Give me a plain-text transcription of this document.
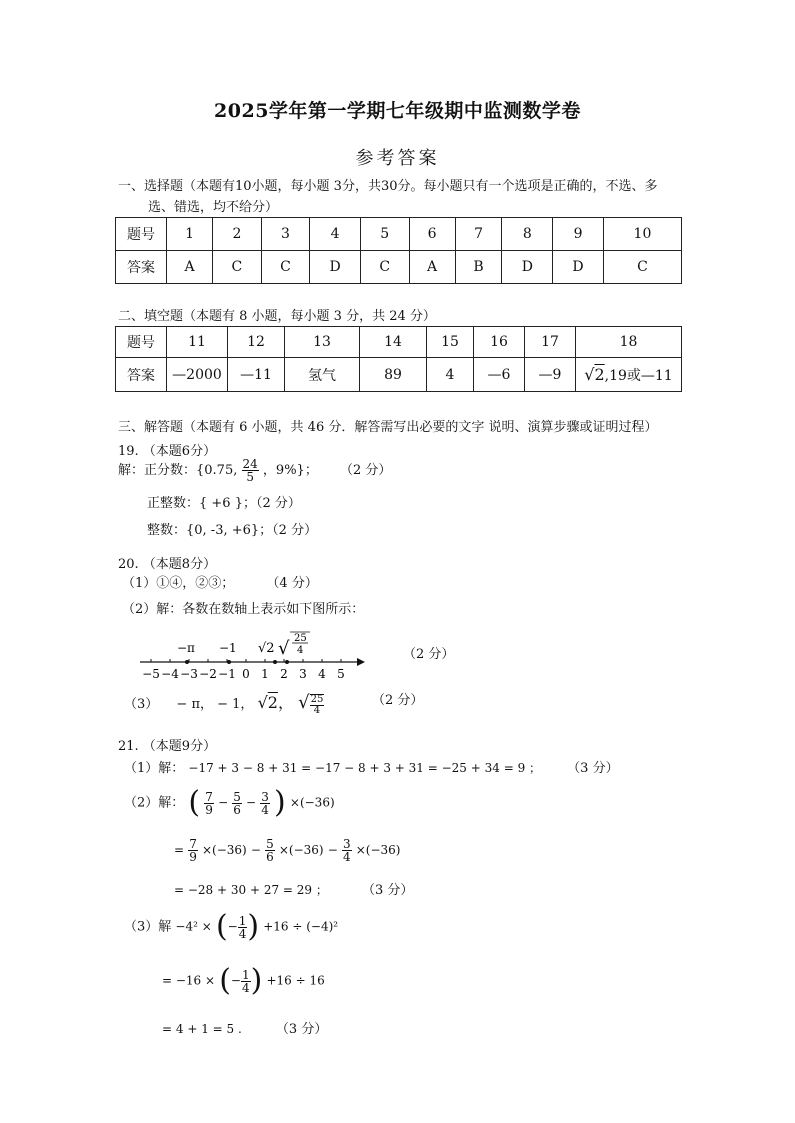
2025学年第一学期七年级期中监测数学卷
参考答案
一、选择题（本题有10小题，每小题 3分，共30分。每小题只有一个选项是正确的，不选、多
选、错选，均不给分）
题号	1	2	3	4	5	6	7	8	9	10
答案	A	C	C	D	C	A	B	D	D	C
二、填空题（本题有 8 小题，每小题 3 分，共 24 分）
题号	11	12	13	14	15	16	17	18
答案	—2000	—11	氢气	89	4	—6	—9	√2,19或—11
三、解答题（本题有 6 小题，共 46 分．解答需写出必要的文字 说明、演算步骤或证明过程）
19. （本题6分）
解：正分数：{0.75, $\frac{24}{5}$ ，9%}； （2 分）
正整数：{ +6 }；（2 分）
整数：{0, -3, +6}；（2 分）
20. （本题8分）
（1）①④，②③； （4 分）
（2）解：各数在数轴上表示如下图所示：
−5 −4 −3 −2 −1 0 1 2 3 4 5
−π −1 √2 √ 25
4	（2 分）
（3） − π， − 1， √2， √ $\frac{25}{4}$	（2 分）
21. （本题9分）
（1）解： −17 + 3 − 8 + 31 = −17 − 8 + 3 + 31 = −25 + 34 = 9 ； （3 分）
（2）解： ( $\frac{7}{9} - \frac{5}{6} - \frac{3}{4}$ ) ×(−36)
= $\frac{7}{9} \times(-36) - \frac{5}{6} \times(-36) - \frac{3}{4} \times(-36)$
= −28 + 30 + 27 = 29 ；	（3 分）
（3）解 −4² × (− $\frac{1}{4}$ ) +16 ÷ (−4)²
= −16 × (− $\frac{1}{4}$ ) +16 ÷ 16
= 4 + 1 = 5 .	（3 分）
